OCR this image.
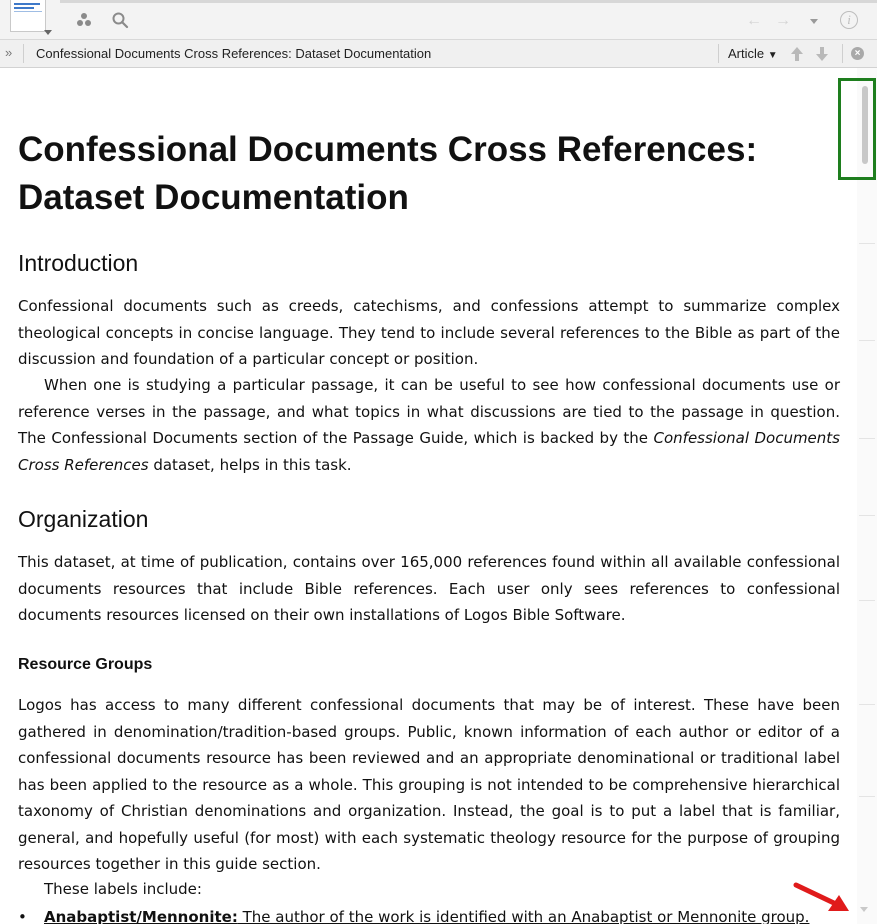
← →	i
» Confessional Documents Cross References: Dataset Documentation	Article ▼	×
Confessional Documents Cross References: Dataset Documentation
Introduction

Confessional documents such as creeds, catechisms, and confessions attempt to summarize complex theological concepts in concise language. They tend to include several references to the Bible as part of the discussion and foundation of a particular concept or position.

When one is studying a particular passage, it can be useful to see how confessional documents use or reference verses in the passage, and what topics in what discussions are tied to the passage in question. The Confessional Documents section of the Passage Guide, which is backed by the Confessional Documents Cross References dataset, helps in this task.

Organization

This dataset, at time of publication, contains over 165,000 references found within all available confessional documents resources that include Bible references. Each user only sees references to confessional documents resources licensed on their own installations of Logos Bible Software.

Resource Groups

Logos has access to many different confessional documents that may be of interest. These have been gathered in denomination/tradition-based groups. Public, known information of each author or editor of a confessional documents resource has been reviewed and an appropriate denominational or traditional label has been applied to the resource as a whole. This grouping is not intended to be comprehensive hierarchical taxonomy of Christian denominations and organization. Instead, the goal is to put a label that is familiar, general, and hopefully useful (for most) with each systematic theology resource for the purpose of grouping resources together in this guide section.

These labels include:

• Anabaptist/Mennonite: The author of the work is identified with an Anabaptist or Mennonite group.
